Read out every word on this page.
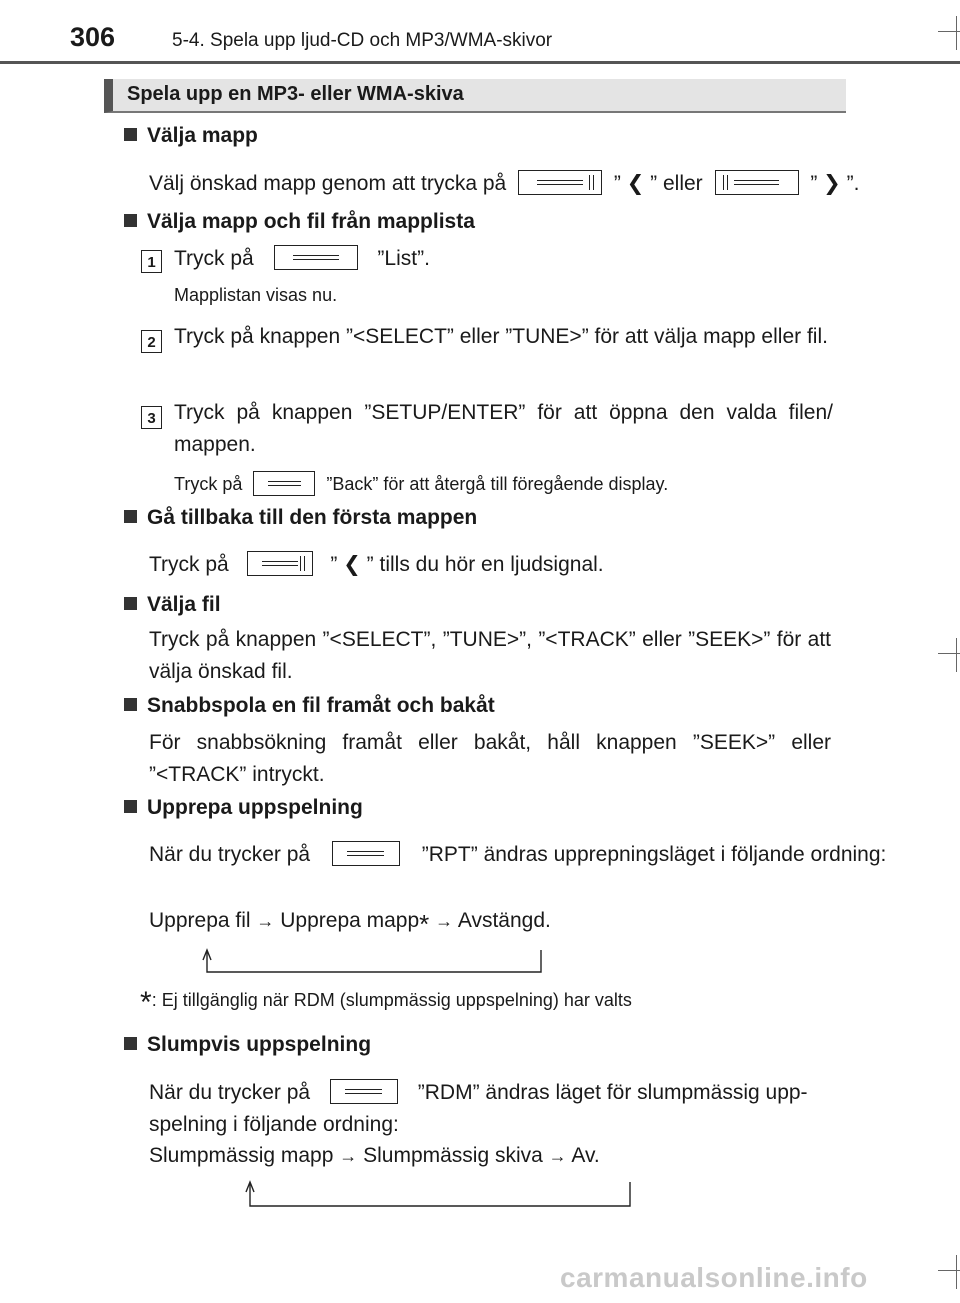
306	5-4. Spela upp ljud-CD och MP3/WMA-skivor
Spela upp en MP3- eller WMA-skiva
Välja mapp
Välj önskad mapp genom att trycka på	” ❮ ” eller	” ❯ ”.
Välja mapp och fil från mapplista
1 Tryck på	”List”.
Mapplistan visas nu.
2 Tryck på knappen ”<SELECT” eller ”TUNE>” för att välja mapp eller fil.
3 Tryck på knappen ”SETUP/ENTER” för att öppna den valda filen/ mappen.
Tryck på	”Back” för att återgå till föregående display.
Gå tillbaka till den första mappen
Tryck på	” ❮ ” tills du hör en ljudsignal.
Välja fil
Tryck på knappen ”<SELECT”, ”TUNE>”, ”<TRACK” eller ”SEEK>” för att välja önskad fil.
Snabbspola en fil framåt och bakåt
För snabbsökning framåt eller bakåt, håll knappen ”SEEK>” eller ”<TRACK” intryckt.
Upprepa uppspelning
När du trycker på	”RPT” ändras upprepningsläget i följande ordning:
Upprepa fil → Upprepa mapp* → Avstängd.
*: Ej tillgänglig när RDM (slumpmässig uppspelning) har valts
Slumpvis uppspelning
När du trycker på	”RDM” ändras läget för slumpmässig upp-
spelning i följande ordning:
Slumpmässig mapp → Slumpmässig skiva → Av.
carmanualsonline.info
